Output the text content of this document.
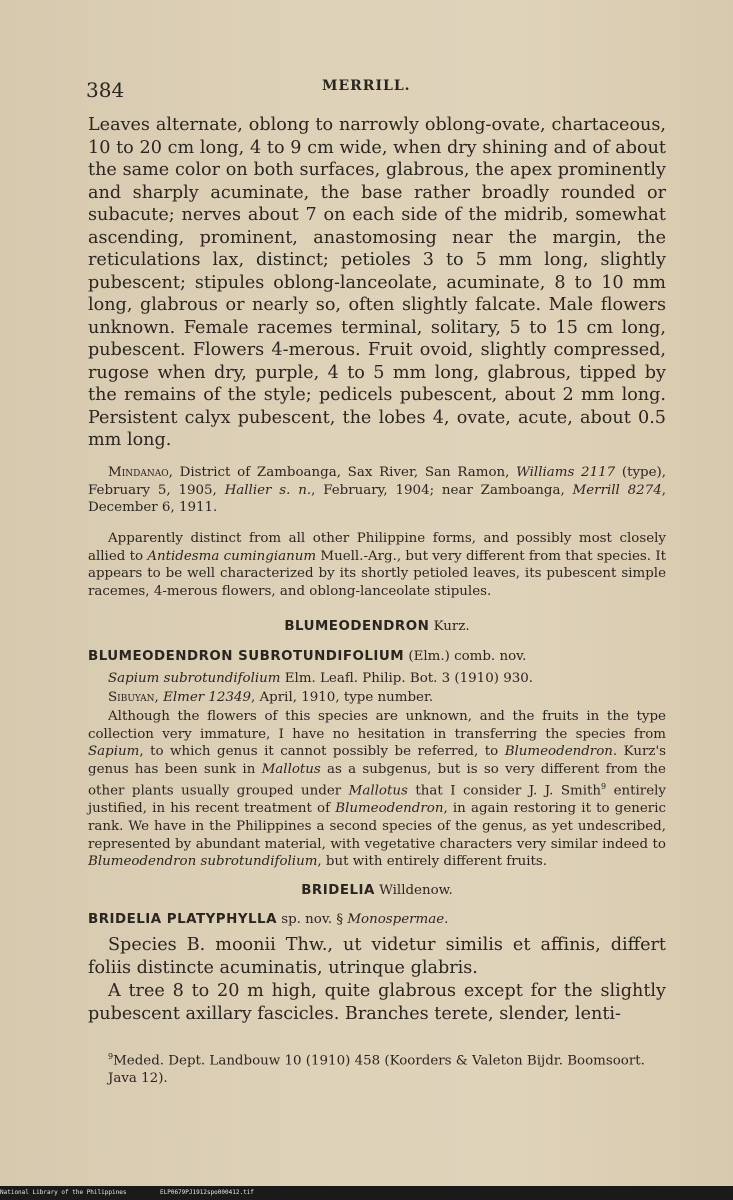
384	MERRILL.
Leaves alternate, oblong to narrowly oblong-ovate, chartaceous, 10 to 20 cm long, 4 to 9 cm wide, when dry shining and of about the same color on both surfaces, glabrous, the apex prominently and sharply acuminate, the base rather broadly rounded or subacute; nerves about 7 on each side of the midrib, somewhat ascending, prominent, anastomosing near the margin, the reticulations lax, distinct; petioles 3 to 5 mm long, slightly pubescent; stipules oblong-lanceolate, acuminate, 8 to 10 mm long, glabrous or nearly so, often slightly falcate. Male flowers unknown. Female racemes terminal, solitary, 5 to 15 cm long, pubescent. Flowers 4-merous. Fruit ovoid, slightly compressed, rugose when dry, purple, 4 to 5 mm long, glabrous, tipped by the remains of the style; pedicels pubescent, about 2 mm long. Persistent calyx pubescent, the lobes 4, ovate, acute, about 0.5 mm long.
Mindanao, District of Zamboanga, Sax River, San Ramon, Williams 2117 (type), February 5, 1905, Hallier s. n., February, 1904; near Zamboanga, Merrill 8274, December 6, 1911.
Apparently distinct from all other Philippine forms, and possibly most closely allied to Antidesma cumingianum Muell.-Arg., but very different from that species. It appears to be well characterized by its shortly petioled leaves, its pubescent simple racemes, 4-merous flowers, and oblong-lanceolate stipules.
BLUMEODENDRON Kurz.
BLUMEODENDRON SUBROTUNDIFOLIUM (Elm.) comb. nov.
Sapium subrotundifolium Elm. Leafl. Philip. Bot. 3 (1910) 930.
Sibuyan, Elmer 12349, April, 1910, type number.
Although the flowers of this species are unknown, and the fruits in the type collection very immature, I have no hesitation in transferring the species from Sapium, to which genus it cannot possibly be referred, to Blumeodendron. Kurz's genus has been sunk in Mallotus as a subgenus, but is so very different from the other plants usually grouped under Mallotus that I consider J. J. Smith$^9$ entirely justified, in his recent treatment of Blumeodendron, in again restoring it to generic rank. We have in the Philippines a second species of the genus, as yet undescribed, represented by abundant material, with vegetative characters very similar indeed to Blumeodendron subrotundifolium, but with entirely different fruits.
BRIDELIA Willdenow.
BRIDELIA PLATYPHYLLA sp. nov. § Monospermae.
Species B. moonii Thw., ut videtur similis et affinis, differt foliis distincte acuminatis, utrinque glabris.
A tree 8 to 20 m high, quite glabrous except for the slightly pubescent axillary fascicles. Branches terete, slender, lenti-
$^9$Meded. Dept. Landbouw 10 (1910) 458 (Koorders & Valeton Bijdr. Boomsoort. Java 12).
National Library of the Philippines	ELP0679PJ1912spo000412.tif
